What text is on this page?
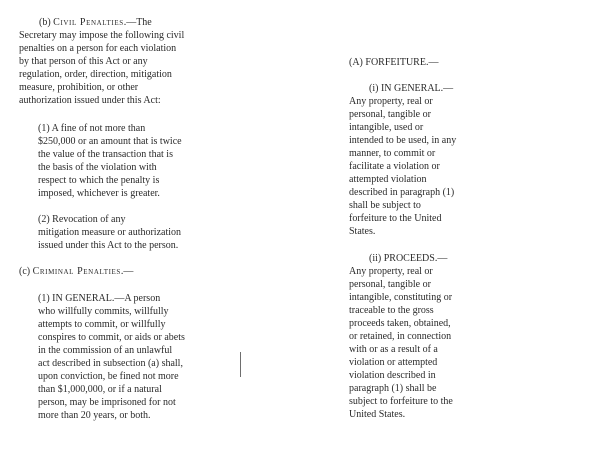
(b) Civil Penalties.—The

Secretary may impose the following civil
penalties on a person for each violation
by that person of this Act or any
regulation, order, direction, mitigation
measure, prohibition, or other
authorization issued under this Act:

(1) A fine of not more than
$250,000 or an amount that is twice
the value of the transaction that is
the basis of the violation with
respect to which the penalty is
imposed, whichever is greater.

(2) Revocation of any
mitigation measure or authorization
issued under this Act to the person.

(c) Criminal Penalties.—

(1) IN GENERAL.—A person
who willfully commits, willfully
attempts to commit, or willfully
conspires to commit, or aids or abets
in the commission of an unlawful
act described in subsection (a) shall,
upon conviction, be fined not more
than $1,000,000, or if a natural
person, may be imprisoned for not
more than 20 years, or both.

(A) FORFEITURE.—

(i) IN GENERAL.—

Any property, real or
personal, tangible or
intangible, used or
intended to be used, in any
manner, to commit or
facilitate a violation or
attempted violation
described in paragraph (1)
shall be subject to
forfeiture to the United
States.

(ii) PROCEEDS.—

Any property, real or
personal, tangible or
intangible, constituting or
traceable to the gross
proceeds taken, obtained,
or retained, in connection
with or as a result of a
violation or attempted
violation described in
paragraph (1) shall be
subject to forfeiture to the
United States.
